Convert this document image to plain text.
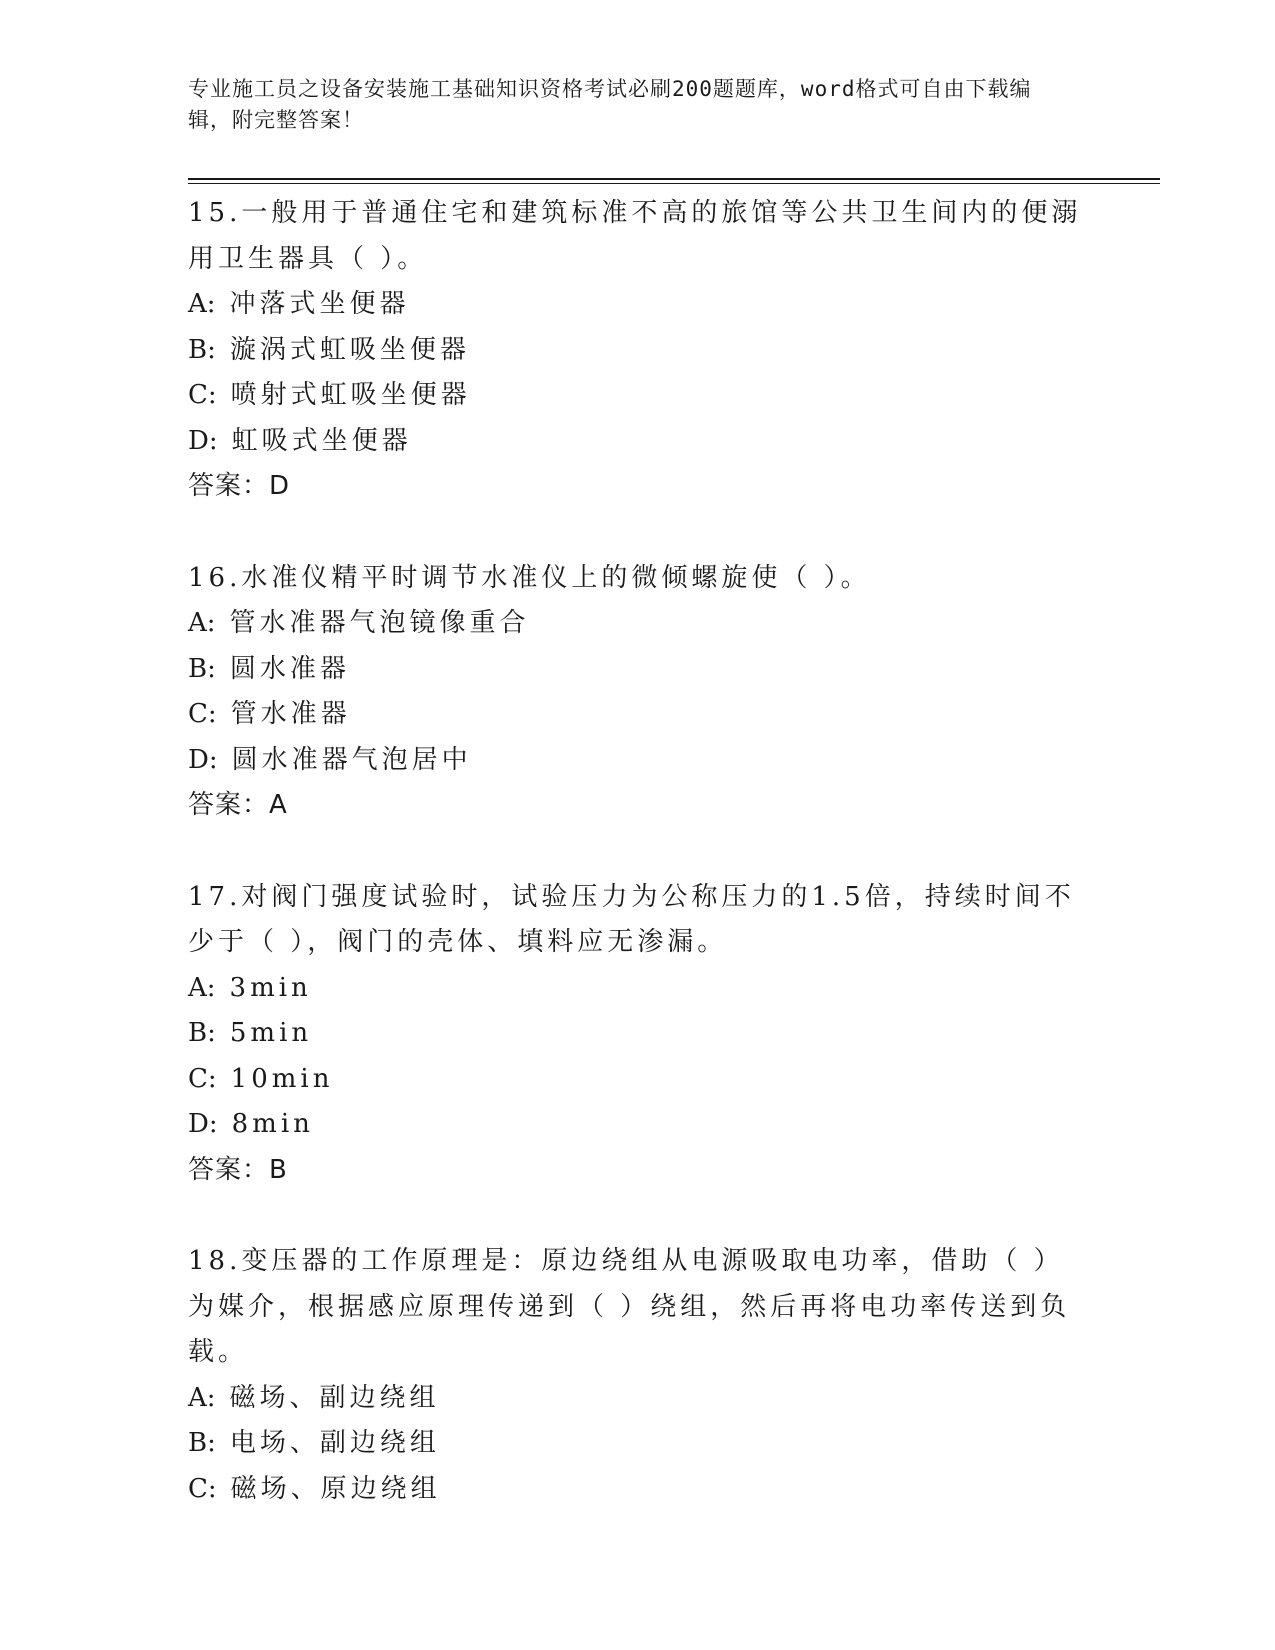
专业施工员之设备安装施工基础知识资格考试必刷200题题库，word格式可自由下载编辑，附完整答案！
15.一般用于普通住宅和建筑标准不高的旅馆等公共卫生间内的便溺用卫生器具（ ）。
A: 冲落式坐便器
B: 漩涡式虹吸坐便器
C: 喷射式虹吸坐便器
D: 虹吸式坐便器
答案：D
16.水准仪精平时调节水准仪上的微倾螺旋使（ ）。
A: 管水准器气泡镜像重合
B: 圆水准器
C: 管水准器
D: 圆水准器气泡居中
答案：A
17.对阀门强度试验时，试验压力为公称压力的1.5倍，持续时间不少于（ ），阀门的壳体、填料应无渗漏。
A: 3min
B: 5min
C: 10min
D: 8min
答案：B
18.变压器的工作原理是：原边绕组从电源吸取电功率，借助（ ）为媒介，根据感应原理传递到（ ）绕组，然后再将电功率传送到负载。
A: 磁场、副边绕组
B: 电场、副边绕组
C: 磁场、原边绕组
